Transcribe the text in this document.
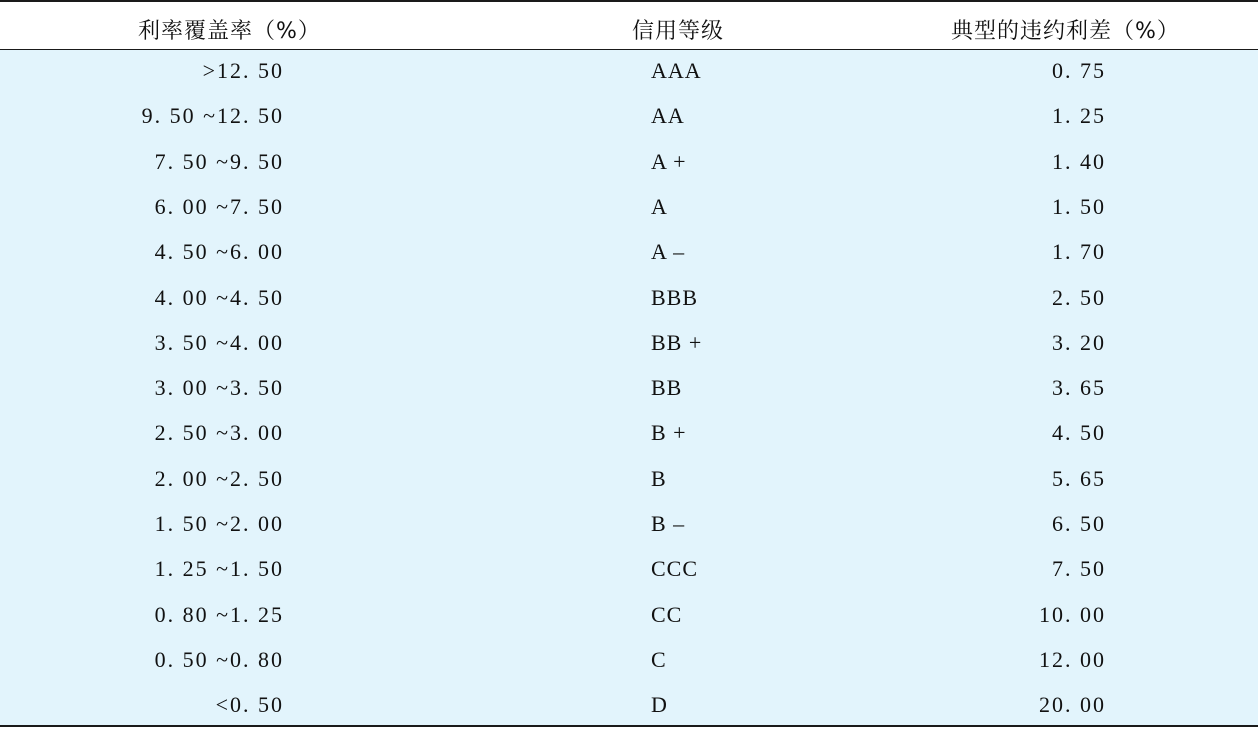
利率覆盖率（%）	信用等级	典型的违约利差（%）
>12. 50	AAA	0. 75
9. 50 ~12. 50	AA	1. 25
7. 50 ~9. 50	A +	1. 40
6. 00 ~7. 50	A	1. 50
4. 50 ~6. 00	A –	1. 70
4. 00 ~4. 50	BBB	2. 50
3. 50 ~4. 00	BB +	3. 20
3. 00 ~3. 50	BB	3. 65
2. 50 ~3. 00	B +	4. 50
2. 00 ~2. 50	B	5. 65
1. 50 ~2. 00	B –	6. 50
1. 25 ~1. 50	CCC	7. 50
0. 80 ~1. 25	CC	10. 00
0. 50 ~0. 80	C	12. 00
<0. 50	D	20. 00
